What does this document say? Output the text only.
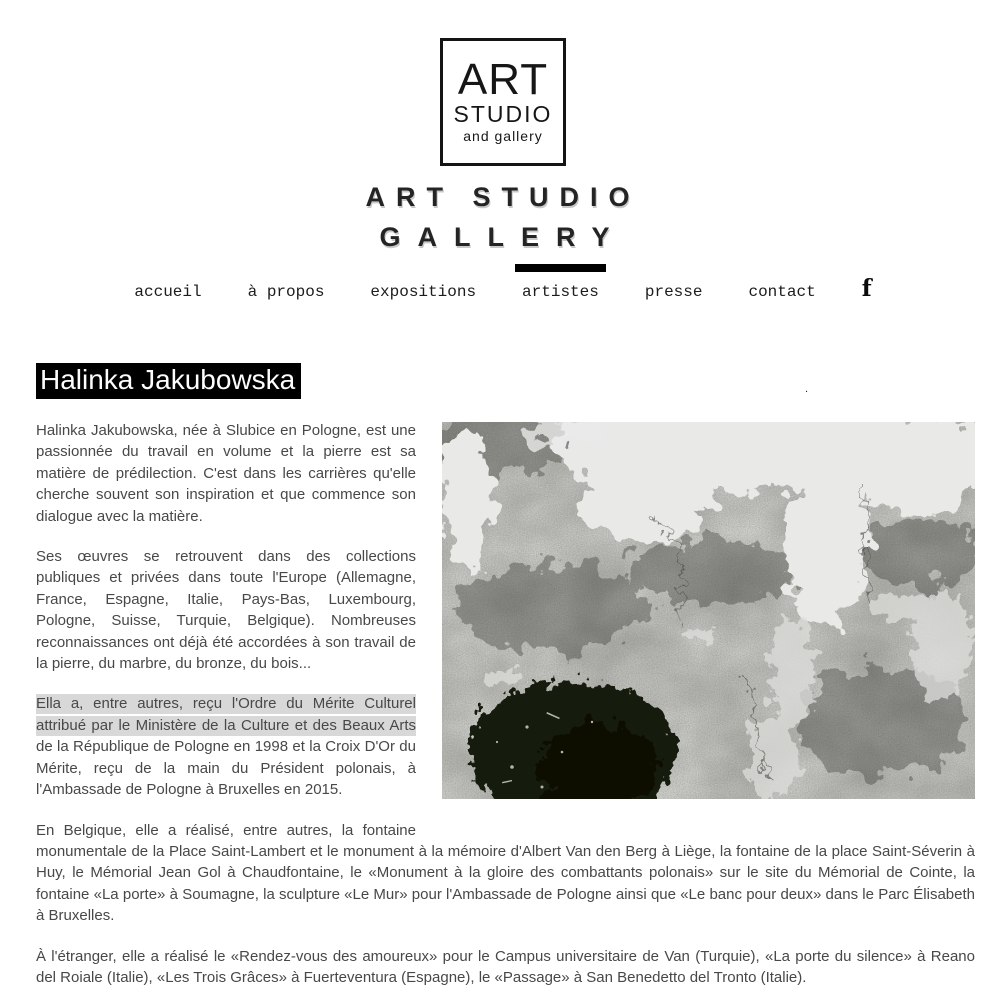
ART
STUDIO
and gallery
ART STUDIO
GALLERY
accueil	à propos	expositions	artistes	presse	contact f
Halinka Jakubowska	.

Halinka Jakubowska, née à Slubice en Pologne, est une passionnée du travail en volume et la pierre est sa matière de prédilection. C'est dans les carrières qu'elle cherche souvent son inspiration et que commence son dialogue avec la matière.

Ses œuvres se retrouvent dans des collections publiques et privées dans toute l'Europe (Allemagne, France, Espagne, Italie, Pays-Bas, Luxembourg, Pologne, Suisse, Turquie, Belgique). Nombreuses reconnaissances ont déjà été accordées à son travail de la pierre, du marbre, du bronze, du bois...

Ella a, entre autres, reçu l'Ordre du Mérite Culturel attribué par le Ministère de la Culture et des Beaux Arts de la République de Pologne en 1998 et la Croix D'Or du Mérite, reçu de la main du Président polonais, à l'Ambassade de Pologne à Bruxelles en 2015.

En Belgique, elle a réalisé, entre autres, la fontaine monumentale de la Place Saint-Lambert et le monument à la mémoire d'Albert Van den Berg à Liège, la fontaine de la place Saint-Séverin à Huy, le Mémorial Jean Gol à Chaudfontaine, le «Monument à la gloire des combattants polonais» sur le site du Mémorial de Cointe, la fontaine «La porte» à Soumagne, la sculpture «Le Mur» pour l'Ambassade de Pologne ainsi que «Le banc pour deux» dans le Parc Élisabeth à Bruxelles.

À l'étranger, elle a réalisé le «Rendez-vous des amoureux» pour le Campus universitaire de Van (Turquie), «La porte du silence» à Reano del Roiale (Italie), «Les Trois Grâces» à Fuerteventura (Espagne), le «Passage» à San Benedetto del Tronto (Italie).
